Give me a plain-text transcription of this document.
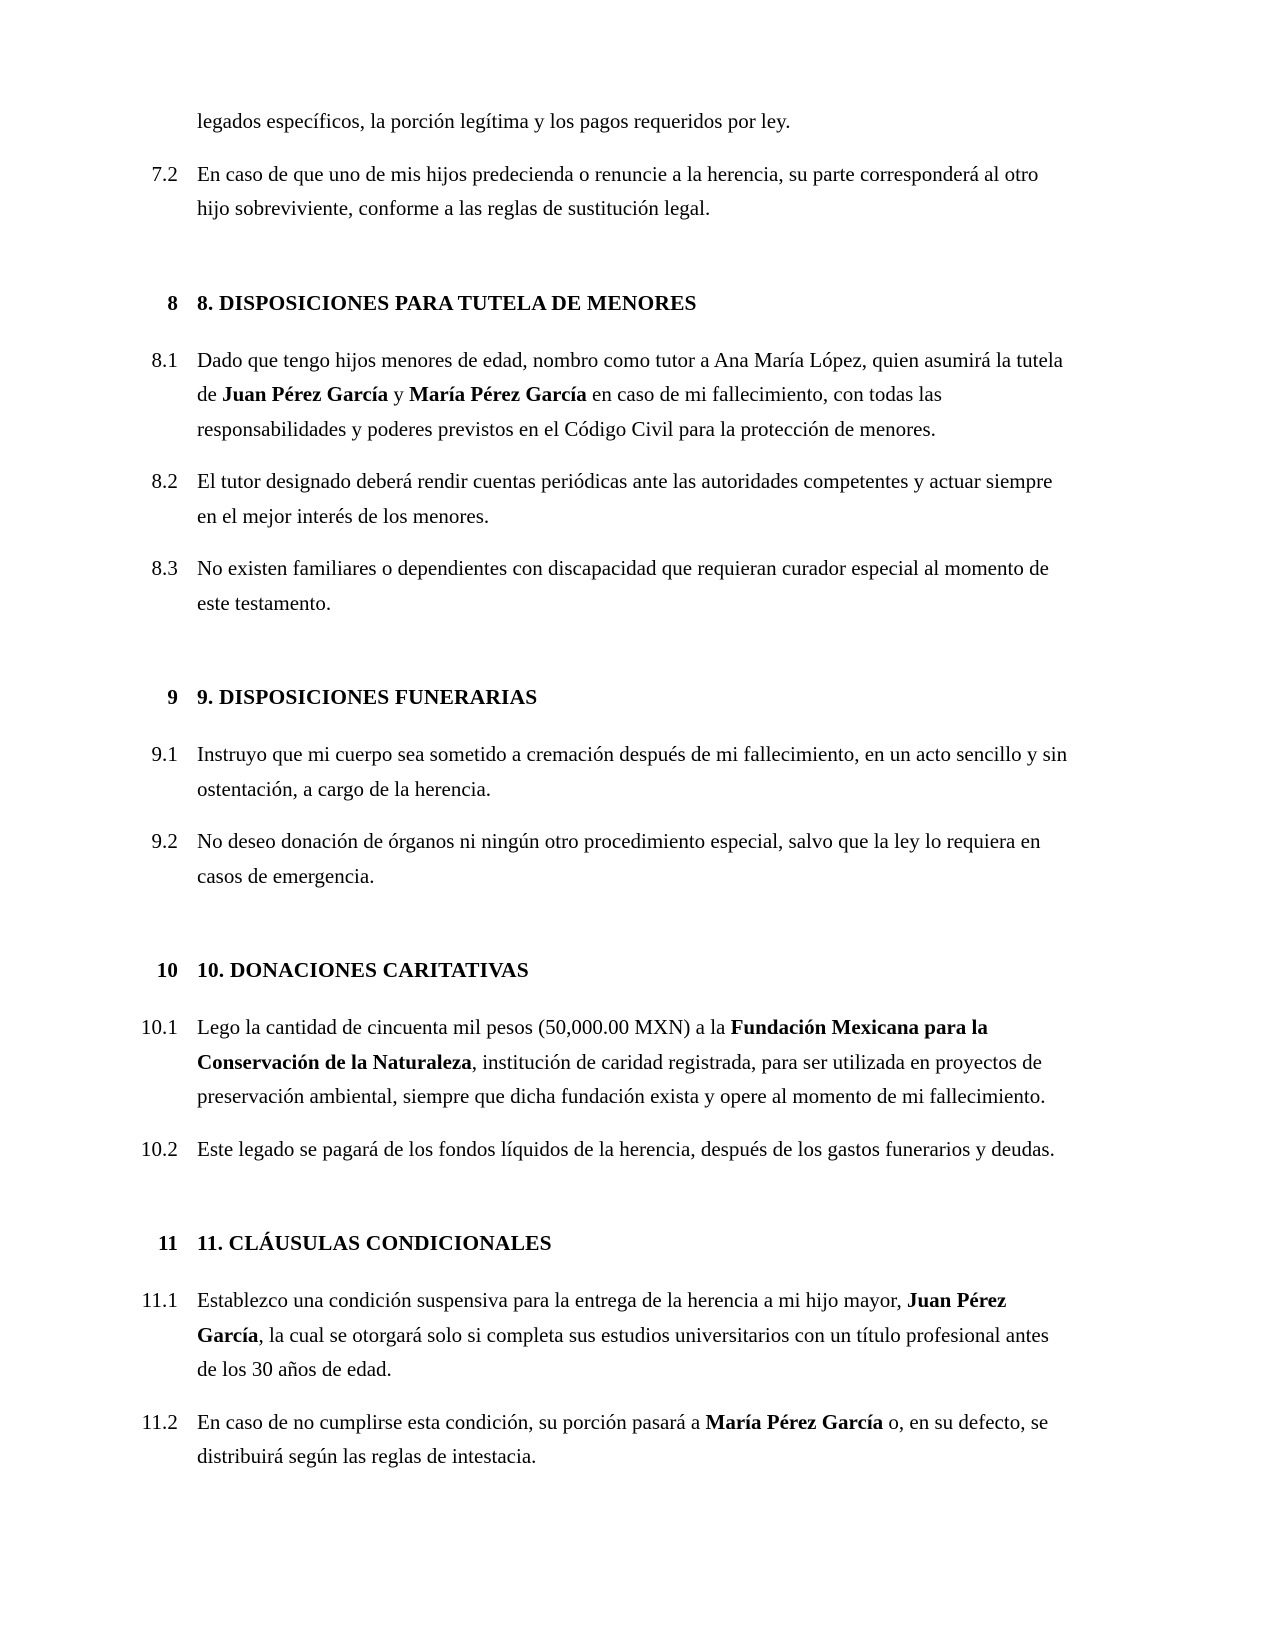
legados específicos, la porción legítima y los pagos requeridos por ley.
7.2 En caso de que uno de mis hijos predecienda o renuncie a la herencia, su parte corresponderá al otro hijo sobreviviente, conforme a las reglas de sustitución legal.
8 8. DISPOSICIONES PARA TUTELA DE MENORES
8.1 Dado que tengo hijos menores de edad, nombro como tutor a Ana María López, quien asumirá la tutela de Juan Pérez García y María Pérez García en caso de mi fallecimiento, con todas las responsabilidades y poderes previstos en el Código Civil para la protección de menores.
8.2 El tutor designado deberá rendir cuentas periódicas ante las autoridades competentes y actuar siempre en el mejor interés de los menores.
8.3 No existen familiares o dependientes con discapacidad que requieran curador especial al momento de este testamento.
9 9. DISPOSICIONES FUNERARIAS
9.1 Instruyo que mi cuerpo sea sometido a cremación después de mi fallecimiento, en un acto sencillo y sin ostentación, a cargo de la herencia.
9.2 No deseo donación de órganos ni ningún otro procedimiento especial, salvo que la ley lo requiera en casos de emergencia.
10 10. DONACIONES CARITATIVAS
10.1 Lego la cantidad de cincuenta mil pesos (50,000.00 MXN) a la Fundación Mexicana para la Conservación de la Naturaleza, institución de caridad registrada, para ser utilizada en proyectos de preservación ambiental, siempre que dicha fundación exista y opere al momento de mi fallecimiento.
10.2 Este legado se pagará de los fondos líquidos de la herencia, después de los gastos funerarios y deudas.
11 11. CLÁUSULAS CONDICIONALES
11.1 Establezco una condición suspensiva para la entrega de la herencia a mi hijo mayor, Juan Pérez García, la cual se otorgará solo si completa sus estudios universitarios con un título profesional antes de los 30 años de edad.
11.2 En caso de no cumplirse esta condición, su porción pasará a María Pérez García o, en su defecto, se distribuirá según las reglas de intestacia.
